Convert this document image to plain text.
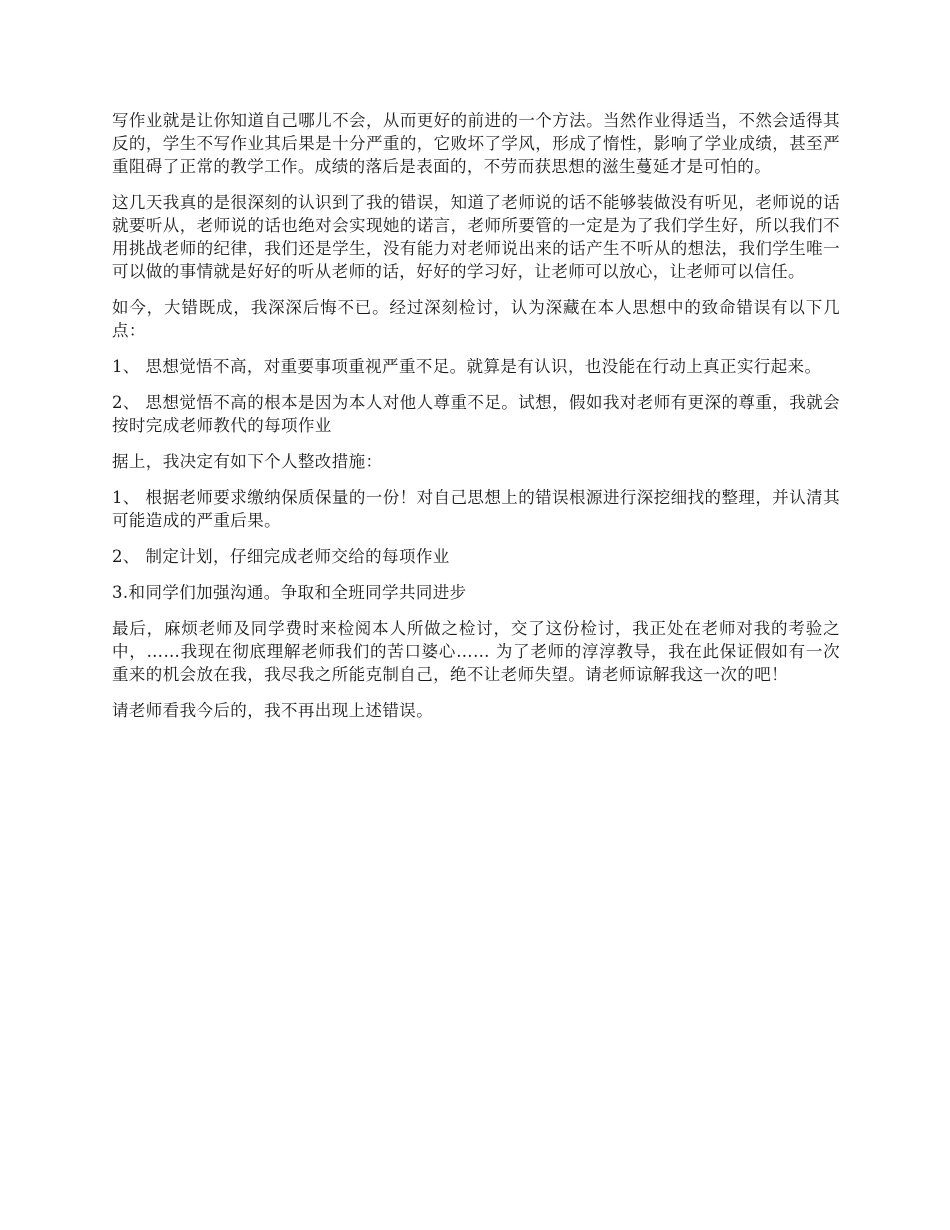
写作业就是让你知道自己哪儿不会，从而更好的前进的一个方法。当然作业得适当，不然会适得其反的，学生不写作业其后果是十分严重的，它败坏了学风，形成了惰性，影响了学业成绩，甚至严重阻碍了正常的教学工作。成绩的落后是表面的，不劳而获思想的滋生蔓延才是可怕的。

这几天我真的是很深刻的认识到了我的错误，知道了老师说的话不能够装做没有听见，老师说的话就要听从，老师说的话也绝对会实现她的诺言，老师所要管的一定是为了我们学生好，所以我们不用挑战老师的纪律，我们还是学生，没有能力对老师说出来的话产生不听从的想法，我们学生唯一可以做的事情就是好好的听从老师的话，好好的学习好，让老师可以放心，让老师可以信任。

如今，大错既成，我深深后悔不已。经过深刻检讨，认为深藏在本人思想中的致命错误有以下几点：

1、 思想觉悟不高，对重要事项重视严重不足。就算是有认识，也没能在行动上真正实行起来。

2、 思想觉悟不高的根本是因为本人对他人尊重不足。试想，假如我对老师有更深的尊重，我就会按时完成老师教代的每项作业

据上，我决定有如下个人整改措施：

1、 根据老师要求缴纳保质保量的一份！对自己思想上的错误根源进行深挖细找的整理，并认清其可能造成的严重后果。

2、 制定计划，仔细完成老师交给的每项作业

3.和同学们加强沟通。争取和全班同学共同进步

最后，麻烦老师及同学费时来检阅本人所做之检讨，交了这份检讨，我正处在老师对我的考验之中，……我现在彻底理解老师我们的苦口婆心…… 为了老师的淳淳教导，我在此保证假如有一次重来的机会放在我，我尽我之所能克制自己，绝不让老师失望。请老师谅解我这一次的吧！

请老师看我今后的，我不再出现上述错误。
